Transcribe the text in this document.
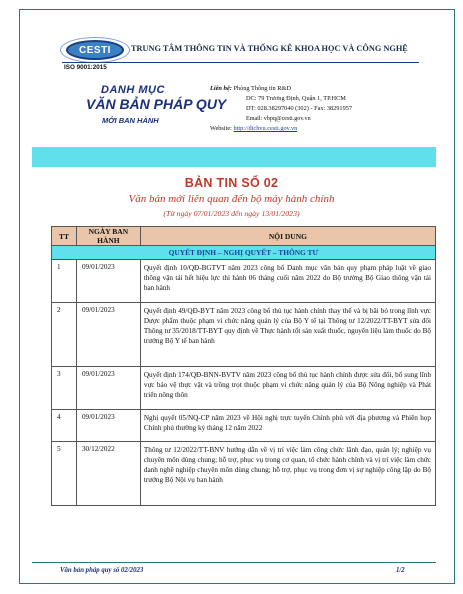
CESTI TRUNG TÂM THÔNG TIN VÀ THỐNG KÊ KHOA HỌC VÀ CÔNG NGHỆ
ISO 9001:2015
DANH MỤC
VĂN BẢN PHÁP QUY
MỚI BAN HÀNH
Liên hệ: Phòng Thông tin R&D
DC: 79 Trương Định, Quận 1, TP.HCM
DT: 028.38297040 (302) - Fax: 38291957
Email: vbpq@cesti.gov.vn
Website: http://dichvu.cesti.gov.vn
BẢN TIN SỐ 02
Văn bản mới liên quan đến bộ máy hành chính
(Từ ngày 07/01/2023 đến ngày 13/01/2023)
TT	NGÀY BAN HÀNH	NỘI DUNG
QUYẾT ĐỊNH – NGHỊ QUYẾT – THÔNG TƯ		
1	09/01/2023	Quyết định 10/QĐ-BGTVT năm 2023 công bố Danh mục văn bản quy phạm pháp luật về giao thông vận tải hết hiệu lực thi hành 06 tháng cuối năm 2022 do Bộ trưởng Bộ Giao thông vận tải ban hành
2	09/01/2023	Quyết định 49/QĐ-BYT năm 2023 công bố thủ tục hành chính thay thế và bị bãi bỏ trong lĩnh vực Dược phẩm thuộc phạm vi chức năng quản lý của Bộ Y tế tại Thông tư 12/2022/TT-BYT sửa đổi Thông tư 35/2018/TT-BYT quy định về Thực hành tốt sản xuất thuốc, nguyên liệu làm thuốc do Bộ trưởng Bộ Y tế ban hành
3	09/01/2023	Quyết định 174/QĐ-BNN-BVTV năm 2023 công bố thủ tục hành chính được sửa đổi, bổ sung lĩnh vực bảo vệ thực vật và trồng trọt thuộc phạm vi chức năng quản lý của Bộ Nông nghiệp và Phát triển nông thôn
4	09/01/2023	Nghị quyết 05/NQ-CP năm 2023 về Hội nghị trực tuyến Chính phủ với địa phương và Phiên họp Chính phủ thường kỳ tháng 12 năm 2022
5	30/12/2022	Thông tư 12/2022/TT-BNV hướng dẫn về vị trí việc làm công chức lãnh đạo, quản lý; nghiệp vụ chuyên môn dùng chung; hỗ trợ, phục vụ trong cơ quan, tổ chức hành chính và vị trí việc làm chức danh nghề nghiệp chuyên môn dùng chung; hỗ trợ, phục vụ trong đơn vị sự nghiệp công lập do Bộ trưởng Bộ Nội vụ ban hành
Văn bản pháp quy số 02/2023	1/2
